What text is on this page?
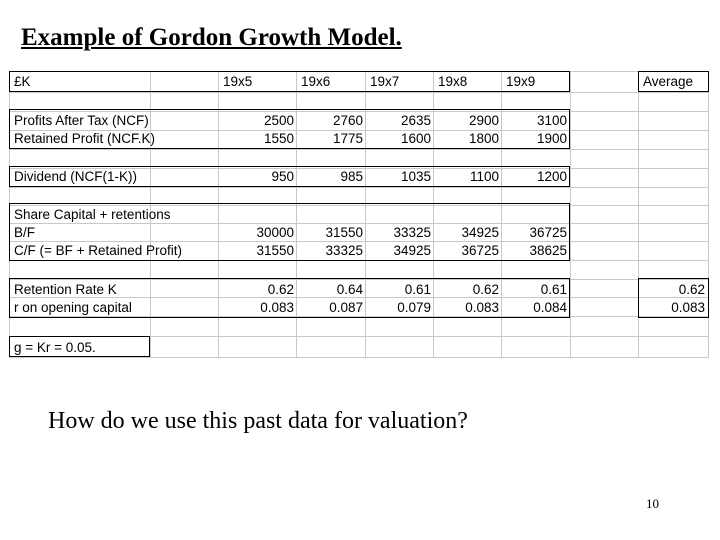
Example of Gordon Growth Model.
£K	19x5	19x6	19x7	19x8	19x9	Average
Profits After Tax (NCF)	2500	2760	2635	2900	3100
Retained Profit (NCF.K)	1550	1775	1600	1800	1900
Dividend (NCF(1-K))	950	985	1035	1100	1200
Share Capital + retentions
B/F	30000	31550	33325	34925	36725
C/F (= BF + Retained Profit)	31550	33325	34925	36725	38625
Retention Rate K	0.62	0.64	0.61	0.62	0.61	0.62
r on opening capital	0.083	0.087	0.079	0.083	0.084	0.083
g = Kr = 0.05.
How do we use this past data for valuation?
10
